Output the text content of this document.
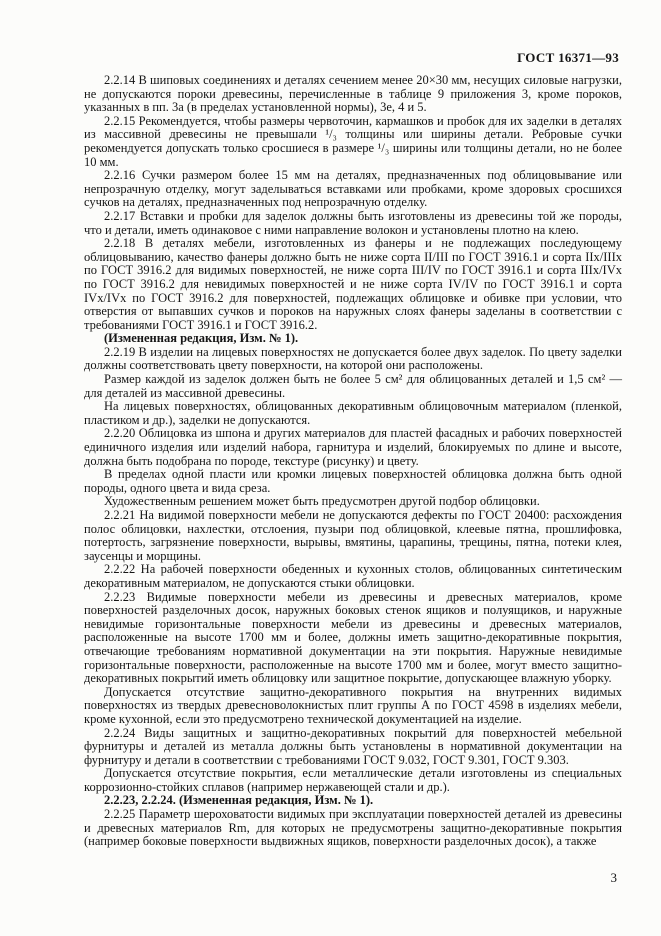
ГОСТ 16371—93

2.2.14 В шиповых соединениях и деталях сечением менее 20×30 мм, несущих силовые нагрузки, не допускаются пороки древесины, перечисленные в таблице 9 приложения 3, кроме пороков, указанных в пп. 3а (в пределах установленной нормы), 3е, 4 и 5.

2.2.15 Рекомендуется, чтобы размеры червоточин, кармашков и пробок для их заделки в деталях из массивной древесины не превышали ¹/₃ толщины или ширины детали. Ребровые сучки рекомендуется допускать только сросшиеся в размере ¹/₃ ширины или толщины детали, но не более 10 мм.

2.2.16 Сучки размером более 15 мм на деталях, предназначенных под облицовывание или непрозрачную отделку, могут заделываться вставками или пробками, кроме здоровых сросшихся сучков на деталях, предназначенных под непрозрачную отделку.

2.2.17 Вставки и пробки для заделок должны быть изготовлены из древесины той же породы, что и детали, иметь одинаковое с ними направление волокон и установлены плотно на клею.

2.2.18 В деталях мебели, изготовленных из фанеры и не подлежащих последующему облицовыванию, качество фанеры должно быть не ниже сорта II/III по ГОСТ 3916.1 и сорта IIх/IIIх по ГОСТ 3916.2 для видимых поверхностей, не ниже сорта III/IV по ГОСТ 3916.1 и сорта IIIх/IVх по ГОСТ 3916.2 для невидимых поверхностей и не ниже сорта IV/IV по ГОСТ 3916.1 и сорта IVх/IVх по ГОСТ 3916.2 для поверхностей, подлежащих облицовке и обивке при условии, что отверстия от выпавших сучков и пороков на наружных слоях фанеры заделаны в соответствии с требованиями ГОСТ 3916.1 и ГОСТ 3916.2.

(Измененная редакция, Изм. № 1).

2.2.19 В изделии на лицевых поверхностях не допускается более двух заделок. По цвету заделки должны соответствовать цвету поверхности, на которой они расположены.

Размер каждой из заделок должен быть не более 5 см² для облицованных деталей и 1,5 см² — для деталей из массивной древесины.

На лицевых поверхностях, облицованных декоративным облицовочным материалом (пленкой, пластиком и др.), заделки не допускаются.

2.2.20 Облицовка из шпона и других материалов для пластей фасадных и рабочих поверхностей единичного изделия или изделий набора, гарнитура и изделий, блокируемых по длине и высоте, должна быть подобрана по породе, текстуре (рисунку) и цвету.

В пределах одной пласти или кромки лицевых поверхностей облицовка должна быть одной породы, одного цвета и вида среза.

Художественным решением может быть предусмотрен другой подбор облицовки.

2.2.21 На видимой поверхности мебели не допускаются дефекты по ГОСТ 20400: расхождения полос облицовки, нахлестки, отслоения, пузыри под облицовкой, клеевые пятна, прошлифовка, потертость, загрязнение поверхности, вырывы, вмятины, царапины, трещины, пятна, потеки клея, заусенцы и морщины.

2.2.22 На рабочей поверхности обеденных и кухонных столов, облицованных синтетическим декоративным материалом, не допускаются стыки облицовки.

2.2.23 Видимые поверхности мебели из древесины и древесных материалов, кроме поверхностей разделочных досок, наружных боковых стенок ящиков и полуящиков, и наружные невидимые горизонтальные поверхности мебели из древесины и древесных материалов, расположенные на высоте 1700 мм и более, должны иметь защитно-декоративные покрытия, отвечающие требованиям нормативной документации на эти покрытия. Наружные невидимые горизонтальные поверхности, расположенные на высоте 1700 мм и более, могут вместо защитно-декоративных покрытий иметь облицовку или защитное покрытие, допускающее влажную уборку.

Допускается отсутствие защитно-декоративного покрытия на внутренних видимых поверхностях из твердых древесноволокнистых плит группы А по ГОСТ 4598 в изделиях мебели, кроме кухонной, если это предусмотрено технической документацией на изделие.

2.2.24 Виды защитных и защитно-декоративных покрытий для поверхностей мебельной фурнитуры и деталей из металла должны быть установлены в нормативной документации на фурнитуру и детали в соответствии с требованиями ГОСТ 9.032, ГОСТ 9.301, ГОСТ 9.303.

Допускается отсутствие покрытия, если металлические детали изготовлены из специальных коррозионно-стойких сплавов (например нержавеющей стали и др.).

2.2.23, 2.2.24. (Измененная редакция, Изм. № 1).

2.2.25 Параметр шероховатости видимых при эксплуатации поверхностей деталей из древесины и древесных материалов Rm, для которых не предусмотрены защитно-декоративные покрытия (например боковые поверхности выдвижных ящиков, поверхности разделочных досок), а также

3
